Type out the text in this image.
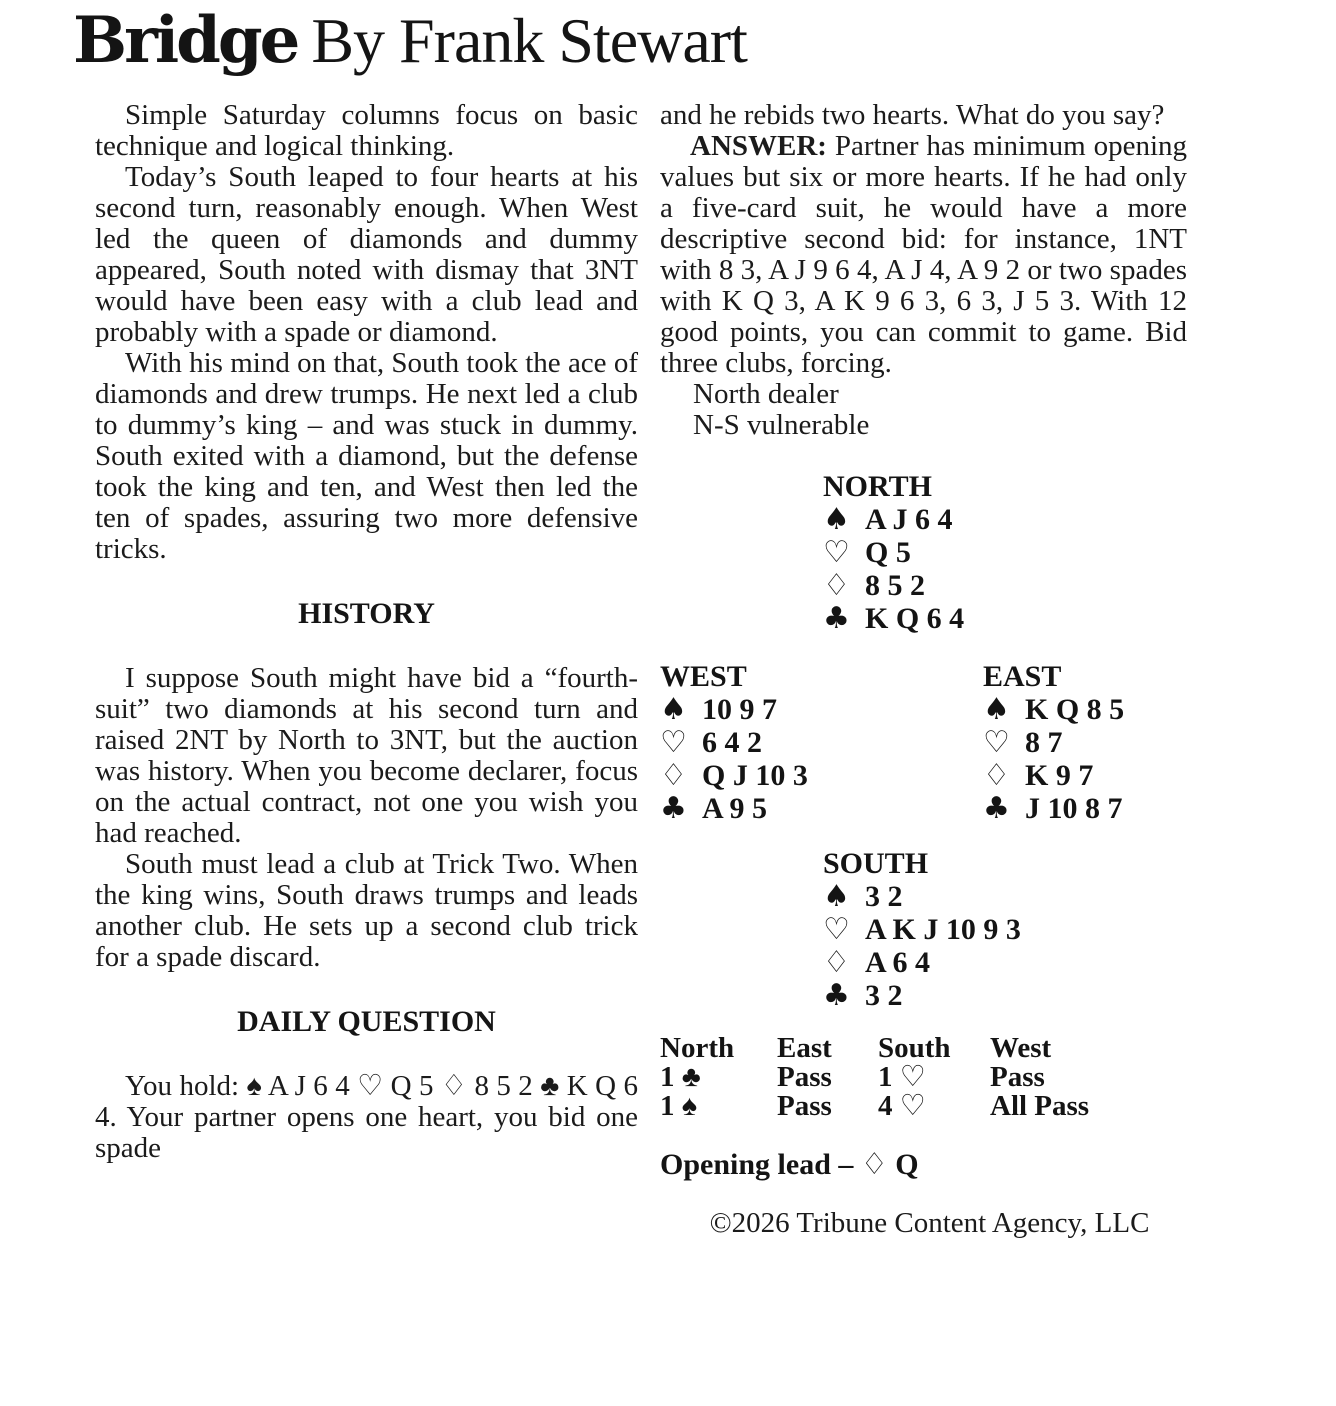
Bridge By Frank Stewart

Simple Saturday columns focus on basic technique and logical thinking.

Today’s South leaped to four hearts at his second turn, reasonably enough. When West led the queen of diamonds and dummy appeared, South noted with dismay that 3NT would have been easy with a club lead and probably with a spade or diamond.

With his mind on that, South took the ace of diamonds and drew trumps. He next led a club to dummy’s king – and was stuck in dummy. South exited with a diamond, but the defense took the king and ten, and West then led the ten of spades, assuring two more defensive tricks.

HISTORY

I suppose South might have bid a “fourth-suit” two diamonds at his second turn and raised 2NT by North to 3NT, but the auction was history. When you become declarer, focus on the actual contract, not one you wish you had reached.

South must lead a club at Trick Two. When the king wins, South draws trumps and leads another club. He sets up a second club trick for a spade discard.

DAILY QUESTION

You hold: ♠ A J 6 4 ♡ Q 5 ♢ 8 5 2 ♣ K Q 6 4. Your partner opens one heart, you bid one spade

and he rebids two hearts. What do you say?

ANSWER: Partner has minimum opening values but six or more hearts. If he had only a five-card suit, he would have a more descriptive second bid: for instance, 1NT with 8 3, A J 9 6 4, A J 4, A 9 2 or two spades with K Q 3, A K 9 6 3, 6 3, J 5 3. With 12 good points, you can commit to game. Bid three clubs, forcing.

North dealer
N-S vulnerable
NORTH
♠ A J 6 4
♡ Q 5
♢ 8 5 2
♣ K Q 6 4
WEST
♠ 10 9 7
♡ 6 4 2
♢ Q J 10 3
♣ A 9 5
EAST
♠ K Q 8 5
♡ 8 7
♢ K 9 7
♣ J 10 8 7
SOUTH
♠ 3 2
♡ A K J 10 9 3
♢ A 6 4
♣ 3 2
North	East	South	West
1 ♣	Pass	1 ♡	Pass
1 ♠	Pass	4 ♡	All Pass
Opening lead – ♢ Q
©2026 Tribune Content Agency, LLC
